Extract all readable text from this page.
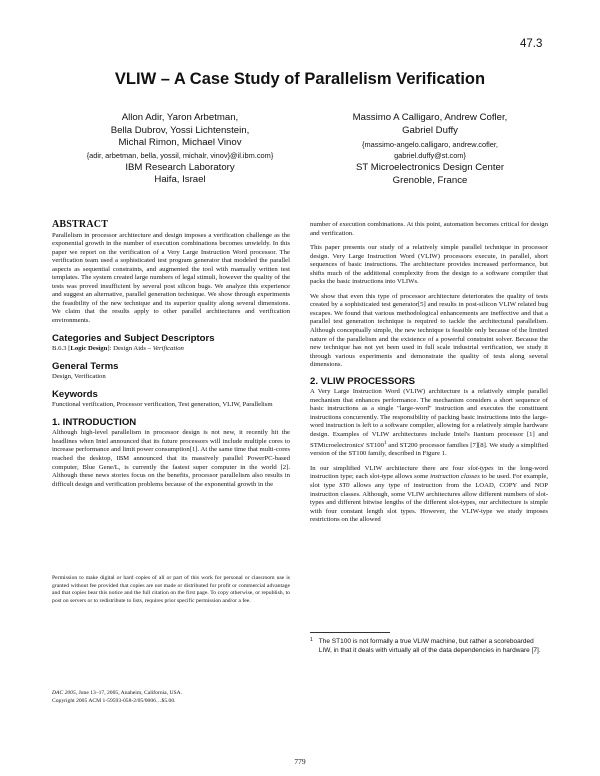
47.3
VLIW – A Case Study of Parallelism Verification
Allon Adir, Yaron Arbetman,
Bella Dubrov, Yossi Lichtenstein,
Michal Rimon, Michael Vinov
{adir, arbetman, bella, yossil, michalr, vinov}@il.ibm.com}
IBM Research Laboratory
Haifa, Israel
Massimo A Calligaro, Andrew Cofler,
Gabriel Duffy
{massimo-angelo.calligaro, andrew.cofler,
gabriel.duffy@st.com}
ST Microelectronics Design Center
Grenoble, France
ABSTRACT

Parallelism in processor architecture and design imposes a verification challenge as the exponential growth in the number of execution combinations becomes unwieldy. In this paper we report on the verification of a Very Large Instruction Word processor. The verification team used a sophisticated test program generator that modeled the parallel aspects as sequential constraints, and augmented the tool with manually written test templates. The system created large numbers of legal stimuli, however the quality of the tests was proved insufficient by several post silicon bugs. We analyze this experience and suggest an alternative, parallel generation technique. We show through experiments the feasibility of the new technique and its superior quality along several dimensions. We claim that the results apply to other parallel architectures and verification environments.

Categories and Subject Descriptors

B.6.3 [Logic Design]: Design Aids – Verification

General Terms

Design, Verification

Keywords

Functional verification, Processor verification, Test generation, VLIW, Parallelism

1. INTRODUCTION

Although high-level parallelism in processor design is not new, it recently hit the headlines when Intel announced that its future processors will include multiple cores to increase performance and limit power consumption[1]. At the same time that multi-cores reached the desktop, IBM announced that its massively parallel PowerPC-based computer, Blue Gene/L, is currently the fastest super computer in the world [2]. Although these news stories focus on the benefits, processor parallelism also results in difficult design and verification problems because of the exponential growth in the

Permission to make digital or hard copies of all or part of this work for personal or classroom use is granted without fee provided that copies are not made or distributed for profit or commercial advantage and that copies bear this notice and the full citation on the first page. To copy otherwise, or republish, to post on servers or to redistribute to lists, requires prior specific permission and/or a fee.
DAC 2005, June 13–17, 2005, Anaheim, California, USA.
Copyright 2005 ACM 1-59593-058-2/05/0006…$5.00.

number of execution combinations. At this point, automation becomes critical for design and verification.

This paper presents our study of a relatively simple parallel technique in processor design. Very Large Instruction Word (VLIW) processors execute, in parallel, short sequences of basic instructions. The architecture provides increased performance, but shifts much of the additional complexity from the design to a software compiler that packs the basic instructions into VLIWs.

We show that even this type of processor architecture deteriorates the quality of tests created by a sophisticated test generator[5] and results in post-silicon VLIW related bug escapes. We found that various methodological enhancements are ineffective and that a parallel test generation technique is required to tackle the architectural parallelism. Although conceptually simple, the new technique is feasible only because of the limited nature of the parallelism and the existence of a powerful constraint solver. Because the new technique has not yet been used in full scale industrial verification, we study it through various experiments and demonstrate the quality of tests along several dimensions.

2. VLIW PROCESSORS

A Very Large Instruction Word (VLIW) architecture is a relatively simple parallel mechanism that enhances performance. The mechanism considers a short sequence of basic instructions as a single "large-word" instruction and executes the constituent instructions concurrently. The responsibility of packing basic instructions into the large-word instruction is left to a software compiler, allowing for a relatively simple hardware design. Examples of VLIW architectures include Intel's Itanium processor [1] and STMicroelectronics' $ST100^1$ and ST200 processor families [7][8]. We study a simplified version of the ST100 family, described in Figure 1.

In our simplified VLIW architecture there are four slot-types in the long-word instruction type; each slot-type allows some instruction classes to be used. For example, slot type ST0 allows any type of instruction from the LOAD, COPY and NOP instruction classes. Although, some VLIW architectures allow different numbers of slot-types and different bitwise lengths of the different slot-types, our architecture is simple with four constant length slot types. However, the VLIW-type we study imposes restrictions on the allowed

1 The ST100 is not formally a true VLIW machine, but rather a scoreboarded LIW, in that it deals with virtually all of the data dependencies in hardware [7].
779
